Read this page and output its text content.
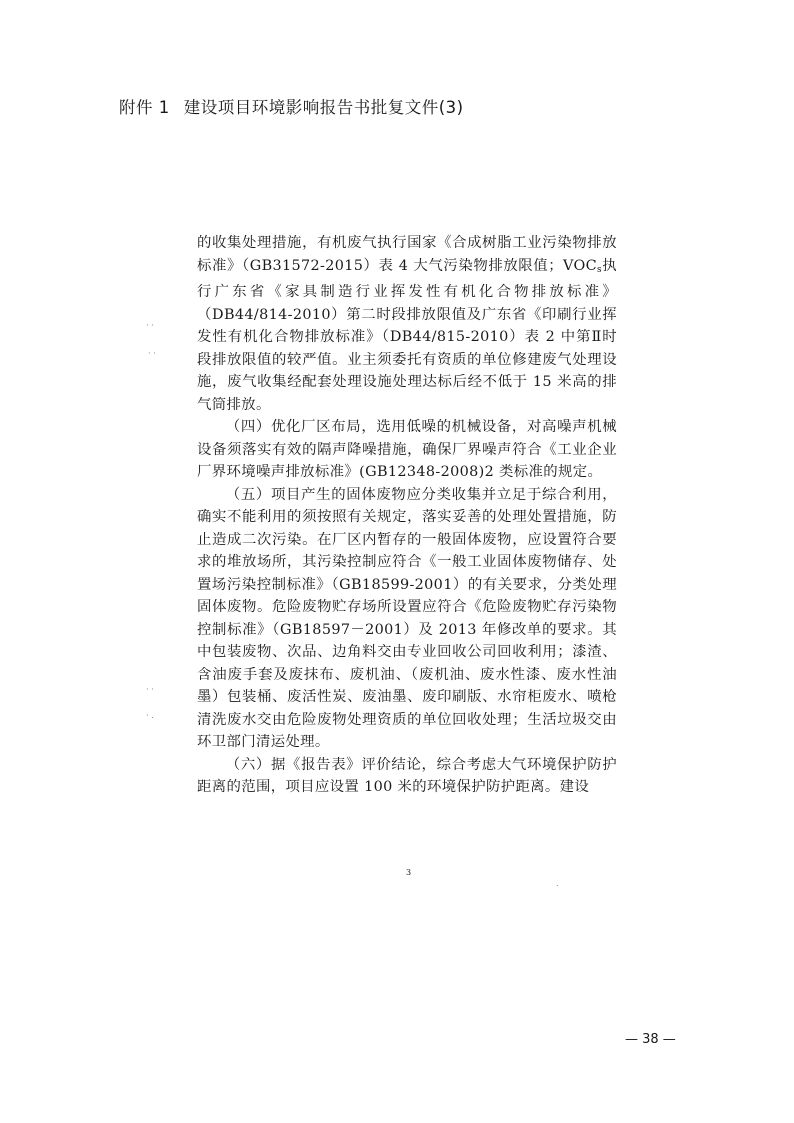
附件 1 建设项目环境影响报告书批复文件(3)

的收集处理措施，有机废气执行国家《合成树脂工业污染物排放标准》（GB31572-2015）表 4 大气污染物排放限值；$VOC_s$执行广东省《家具制造行业挥发性有机化合物排放标准》（DB44/814-2010）第二时段排放限值及广东省《印刷行业挥发性有机化合物排放标准》（DB44/815-2010）表 2 中第Ⅱ时段排放限值的较严值。业主须委托有资质的单位修建废气处理设施，废气收集经配套处理设施处理达标后经不低于 15 米高的排气筒排放。

（四）优化厂区布局，选用低噪的机械设备，对高噪声机械设备须落实有效的隔声降噪措施，确保厂界噪声符合《工业企业厂界环境噪声排放标准》(GB12348-2008)2 类标准的规定。

（五）项目产生的固体废物应分类收集并立足于综合利用，确实不能利用的须按照有关规定，落实妥善的处理处置措施，防止造成二次污染。在厂区内暂存的一般固体废物，应设置符合要求的堆放场所，其污染控制应符合《一般工业固体废物储存、处置场污染控制标准》（GB18599-2001）的有关要求，分类处理固体废物。危险废物贮存场所设置应符合《危险废物贮存污染物控制标准》（GB18597－2001）及 2013 年修改单的要求。其中包装废物、次品、边角料交由专业回收公司回收利用；漆渣、含油废手套及废抹布、废机油、（废机油、废水性漆、废水性油墨）包装桶、废活性炭、废油墨、废印刷版、水帘柜废水、喷枪清洗废水交由危险废物处理资质的单位回收处理；生活垃圾交由环卫部门清运处理。

（六）据《报告表》评价结论，综合考虑大气环境保护防护距离的范围，项目应设置 100 米的环境保护防护距离。建设

3
— 38 —
· ·
· ·
· ·
· .
.
